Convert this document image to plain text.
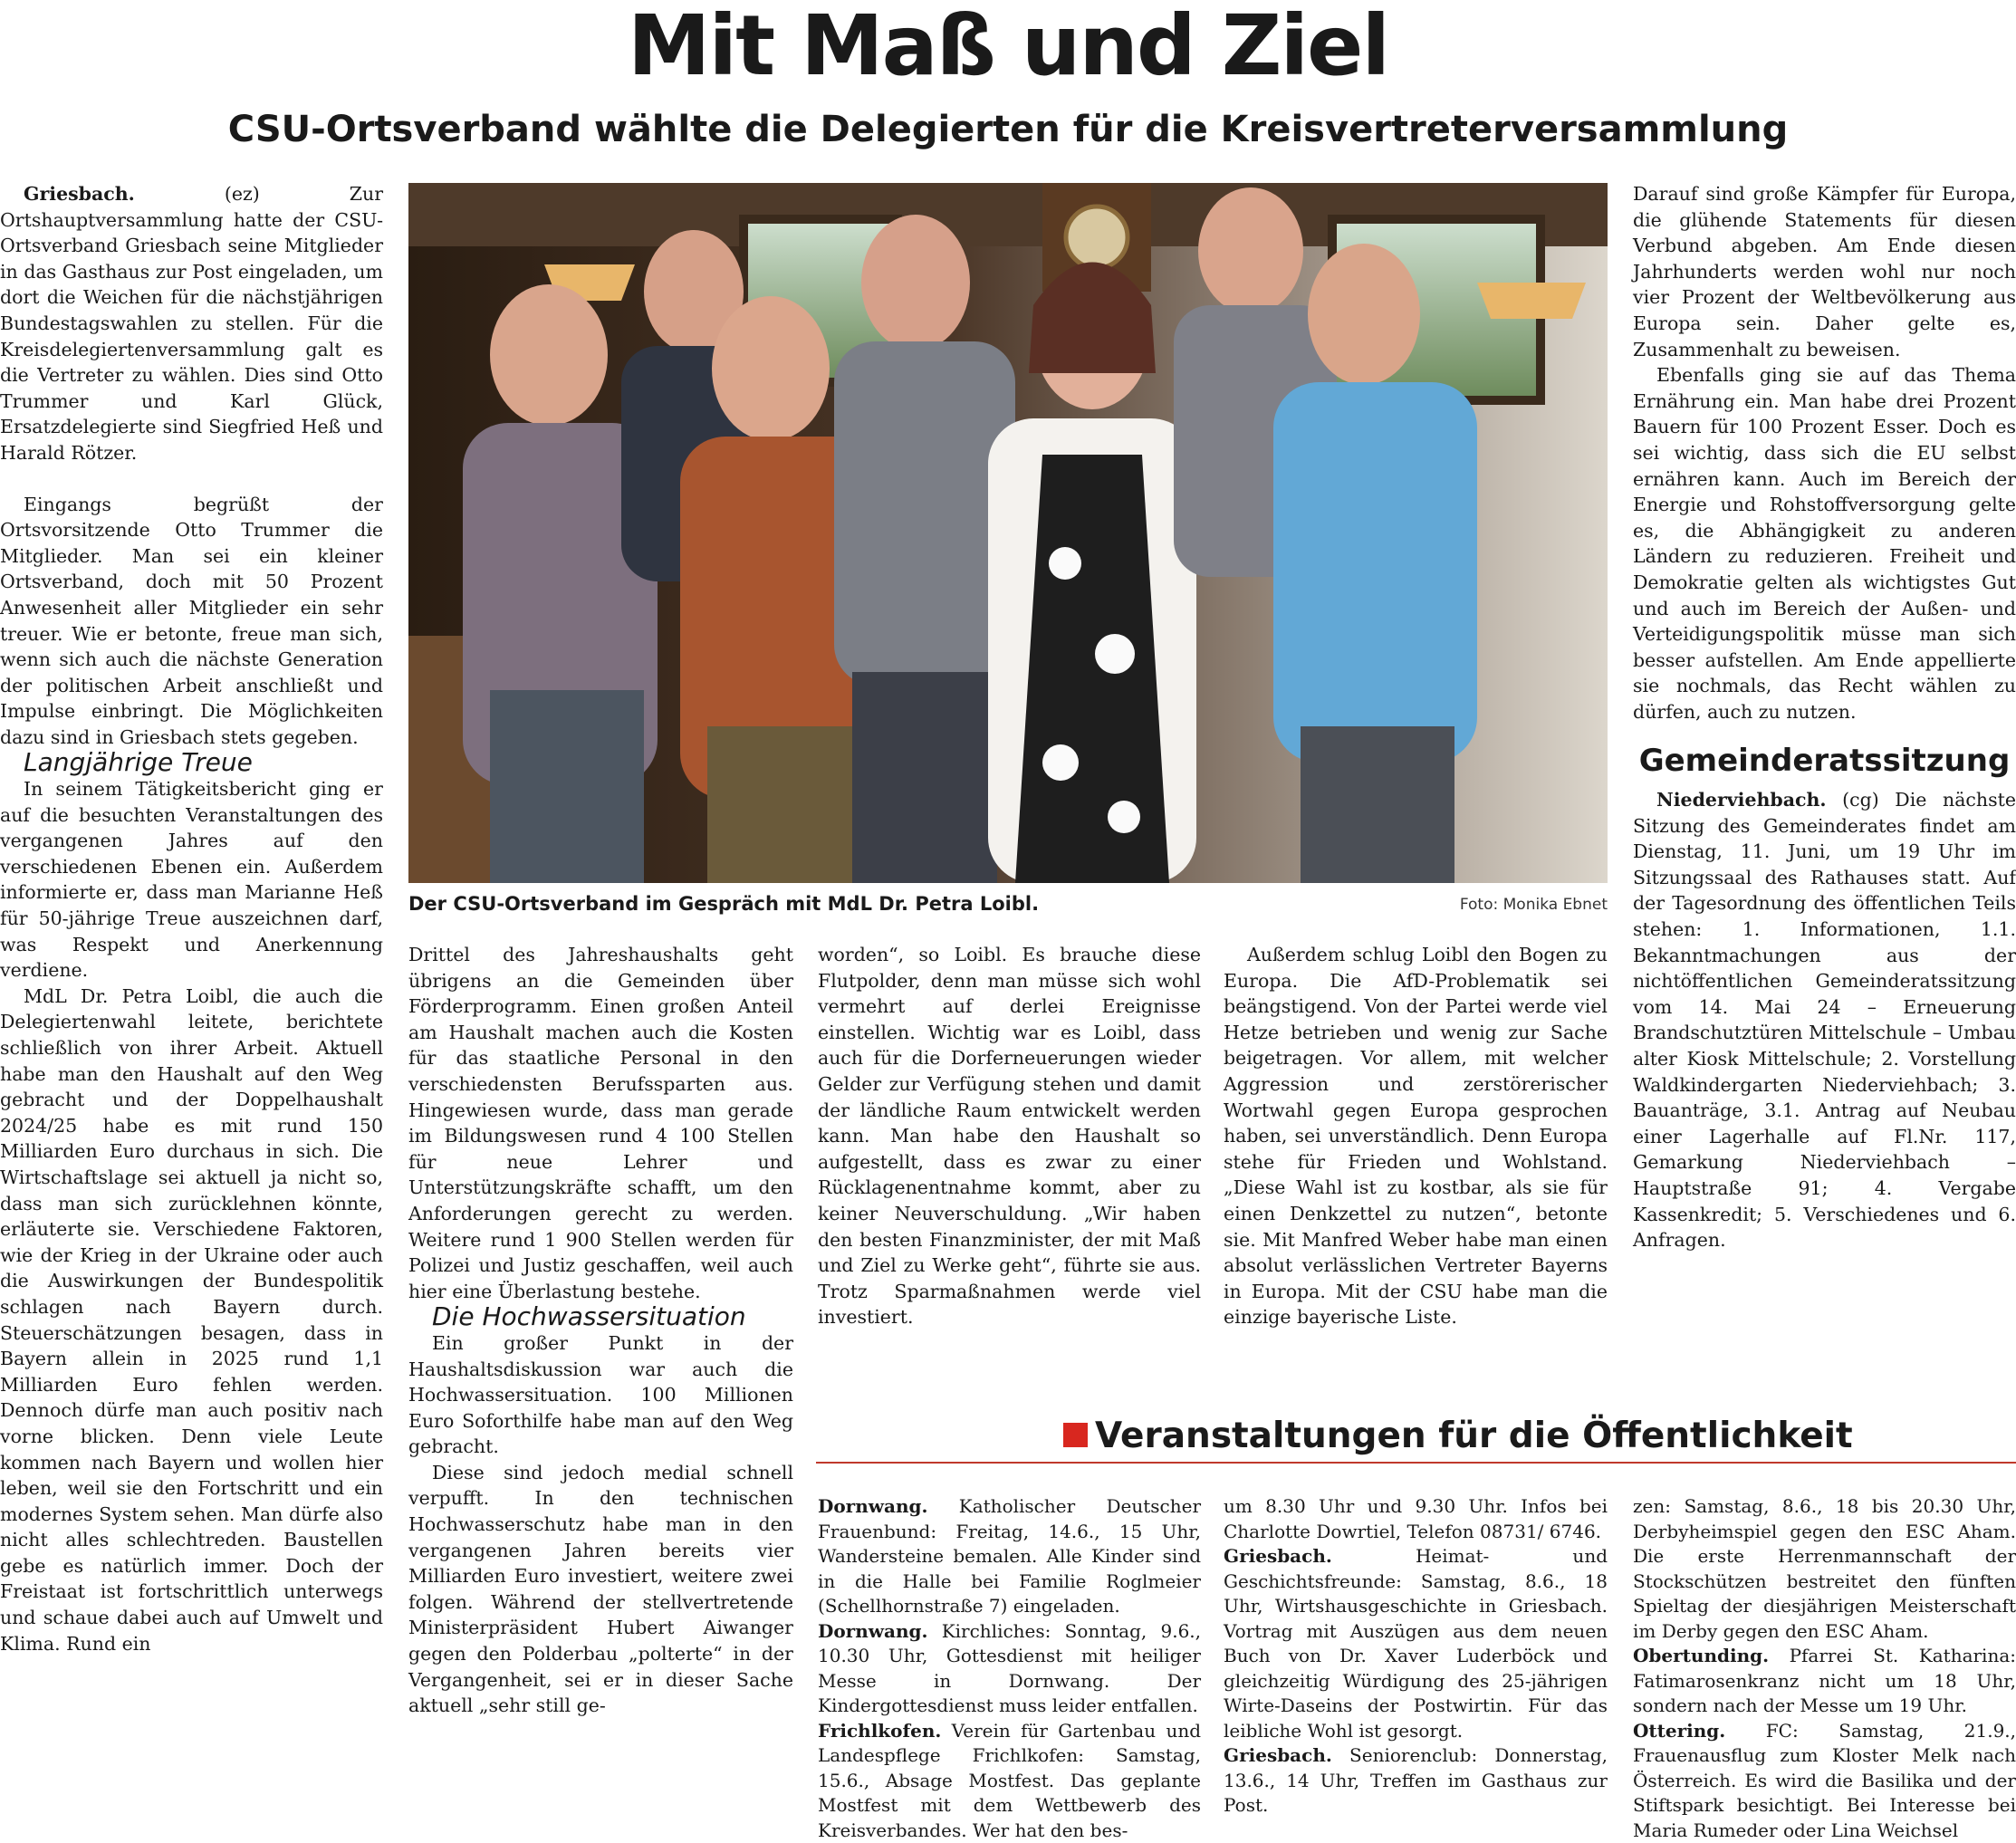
Mit Maß und Ziel
CSU-Ortsverband wählte die Delegierten für die Kreisvertreterversammlung

Griesbach.	(ez) Zur Ortshauptversammlung hatte der CSU-Ortsverband Griesbach seine Mitglieder in das Gasthaus zur Post eingeladen, um dort die Weichen für die nächstjährigen Bundestagswahlen zu stellen. Für die Kreisdelegiertenversammlung galt es die Vertreter zu wählen. Dies sind Otto Trummer und Karl Glück, Ersatzdelegierte sind Siegfried Heß und Harald Rötzer.

Eingangs begrüßt der Ortsvorsitzende Otto Trummer die Mitglieder. Man sei ein kleiner Ortsverband, doch mit 50 Prozent Anwesenheit aller Mitglieder ein sehr treuer. Wie er betonte, freue man sich, wenn sich auch die nächste Generation der politischen Arbeit anschließt und Impulse einbringt. Die Möglichkeiten dazu sind in Griesbach stets gegeben.

Langjährige Treue

In seinem Tätigkeitsbericht ging er auf die besuchten Veranstaltungen des vergangenen Jahres auf den verschiedenen Ebenen ein. Außerdem informierte er, dass man Marianne Heß für 50-jährige Treue auszeichnen darf, was Respekt und Anerkennung verdiene.

MdL Dr. Petra Loibl, die auch die Delegiertenwahl leitete, berichtete schließlich von ihrer Arbeit. Aktuell habe man den Haushalt auf den Weg gebracht und der Doppelhaushalt 2024/25 habe es mit rund 150 Milliarden Euro durchaus in sich. Die Wirtschaftslage sei aktuell ja nicht so, dass man sich zurücklehnen könnte, erläuterte sie. Verschiedene Faktoren, wie der Krieg in der Ukraine oder auch die Auswirkungen der Bundespolitik schlagen nach Bayern durch. Steuerschätzungen besagen, dass in Bayern allein in 2025 rund 1,1 Milliarden Euro fehlen werden. Dennoch dürfe man auch positiv nach vorne blicken. Denn viele Leute kommen nach Bayern und wollen hier leben, weil sie den Fortschritt und ein modernes System sehen. Man dürfe also nicht alles schlechtreden. Baustellen gebe es natürlich immer. Doch der Freistaat ist fortschrittlich unterwegs und schaue dabei auch auf Umwelt und Klima. Rund ein

Der CSU-Ortsverband im Gespräch mit MdL Dr. Petra Loibl.	Foto: Monika Ebnet

Drittel des Jahreshaushalts geht übrigens an die Gemeinden über Förderprogramm. Einen großen Anteil am Haushalt machen auch die Kosten für das staatliche Personal in den verschiedensten Berufssparten aus. Hingewiesen wurde, dass man gerade im Bildungswesen rund 4 100 Stellen für neue Lehrer und Unterstützungskräfte schafft, um den Anforderungen gerecht zu werden. Weitere rund 1 900 Stellen werden für Polizei und Justiz geschaffen, weil auch hier eine Überlastung bestehe.

Die Hochwassersituation

Ein großer Punkt in der Haushaltsdiskussion war auch die Hochwassersituation. 100 Millionen Euro Soforthilfe habe man auf den Weg gebracht.

Diese sind jedoch medial schnell verpufft. In den technischen Hochwasserschutz habe man in den vergangenen Jahren bereits vier Milliarden Euro investiert, weitere zwei folgen. Während der stellvertretende Ministerpräsident Hubert Aiwanger gegen den Polderbau „polterte“ in der Vergangenheit, sei er in dieser Sache aktuell „sehr still ge-

worden“, so Loibl. Es brauche diese Flutpolder, denn man müsse sich wohl vermehrt auf derlei Ereignisse einstellen. Wichtig war es Loibl, dass auch für die Dorferneuerungen wieder Gelder zur Verfügung stehen und damit der ländliche Raum entwickelt werden kann. Man habe den Haushalt so aufgestellt, dass es zwar zu einer Rücklagenentnahme kommt, aber zu keiner Neuverschuldung. „Wir haben den besten Finanzminister, der mit Maß und Ziel zu Werke geht“, führte sie aus. Trotz Sparmaßnahmen werde viel investiert.

Außerdem schlug Loibl den Bogen zu Europa. Die AfD-Problematik sei beängstigend. Von der Partei werde viel Hetze betrieben und wenig zur Sache beigetragen. Vor allem, mit welcher Aggression und zerstörerischer Wortwahl gegen Europa gesprochen haben, sei unverständlich. Denn Europa stehe für Frieden und Wohlstand. „Diese Wahl ist zu kostbar, als sie für einen Denkzettel zu nutzen“, betonte sie. Mit Manfred Weber habe man einen absolut verlässlichen Vertreter Bayerns in Europa. Mit der CSU habe man die einzige bayerische Liste.

Darauf sind große Kämpfer für Europa, die glühende Statements für diesen Verbund abgeben. Am Ende diesen Jahrhunderts werden wohl nur noch vier Prozent der Weltbevölkerung aus Europa sein. Daher gelte es, Zusammenhalt zu beweisen.

Ebenfalls ging sie auf das Thema Ernährung ein. Man habe drei Prozent Bauern für 100 Prozent Esser. Doch es sei wichtig, dass sich die EU selbst ernähren kann. Auch im Bereich der Energie und Rohstoffversorgung gelte es, die Abhängigkeit zu anderen Ländern zu reduzieren. Freiheit und Demokratie gelten als wichtigstes Gut und auch im Bereich der Außen- und Verteidigungspolitik müsse man sich besser aufstellen. Am Ende appellierte sie nochmals, das Recht wählen zu dürfen, auch zu nutzen.

Gemeinderatssitzung

Niederviehbach. (cg) Die nächste Sitzung des Gemeinderates findet am Dienstag, 11. Juni, um 19 Uhr im Sitzungssaal des Rathauses statt. Auf der Tagesordnung des öffentlichen Teils stehen: 1. Informationen, 1.1. Bekanntmachungen aus der nichtöffentlichen Gemeinderatssitzung vom 14. Mai 24 – Erneuerung Brandschutztüren Mittelschule – Umbau alter Kiosk Mittelschule; 2. Vorstellung Waldkindergarten Niederviehbach; 3. Bauanträge, 3.1. Antrag auf Neubau einer Lagerhalle auf Fl.Nr. 117, Gemarkung Niederviehbach – Hauptstraße 91; 4. Vergabe Kassenkredit; 5. Verschiedenes und 6. Anfragen.

Veranstaltungen für die Öffentlichkeit

Dornwang. Katholischer Deutscher Frauenbund: Freitag, 14.6., 15 Uhr, Wandersteine bemalen. Alle Kinder sind in die Halle bei Familie Roglmeier (Schellhornstraße 7) eingeladen.

Dornwang. Kirchliches: Sonntag, 9.6., 10.30 Uhr, Gottesdienst mit heiliger Messe in Dornwang. Der Kindergottesdienst muss leider entfallen.

Frichlkofen. Verein für Gartenbau und Landespflege Frichlkofen: Samstag, 15.6., Absage Mostfest. Das geplante Mostfest mit dem Wettbewerb des Kreisverbandes. Wer hat den bes-

um 8.30 Uhr und 9.30 Uhr. Infos bei Charlotte Dowrtiel, Telefon 08731/ 6746.

Griesbach.	Heimat- und Geschichtsfreunde: Samstag, 8.6., 18 Uhr, Wirtshausgeschichte in Griesbach. Vortrag mit Auszügen aus dem neuen Buch von Dr. Xaver Luderböck und gleichzeitig Würdigung des 25-jährigen Wirte-Daseins der Postwirtin. Für das leibliche Wohl ist gesorgt.

Griesbach. Seniorenclub: Donnerstag, 13.6., 14 Uhr, Treffen im Gasthaus zur Post.

zen: Samstag, 8.6., 18 bis 20.30 Uhr, Derbyheimspiel gegen den ESC Aham. Die erste Herrenmannschaft der Stockschützen bestreitet den fünften Spieltag der diesjährigen Meisterschaft im Derby gegen den ESC Aham.

Obertunding. Pfarrei St. Katharina: Fatimarosenkranz nicht um 18 Uhr, sondern nach der Messe um 19 Uhr.

Ottering. FC: Samstag, 21.9., Frauenausflug zum Kloster Melk nach Österreich. Es wird die Basilika und der Stiftspark besichtigt. Bei Interesse bei Maria Rumeder oder Lina Weichsel
